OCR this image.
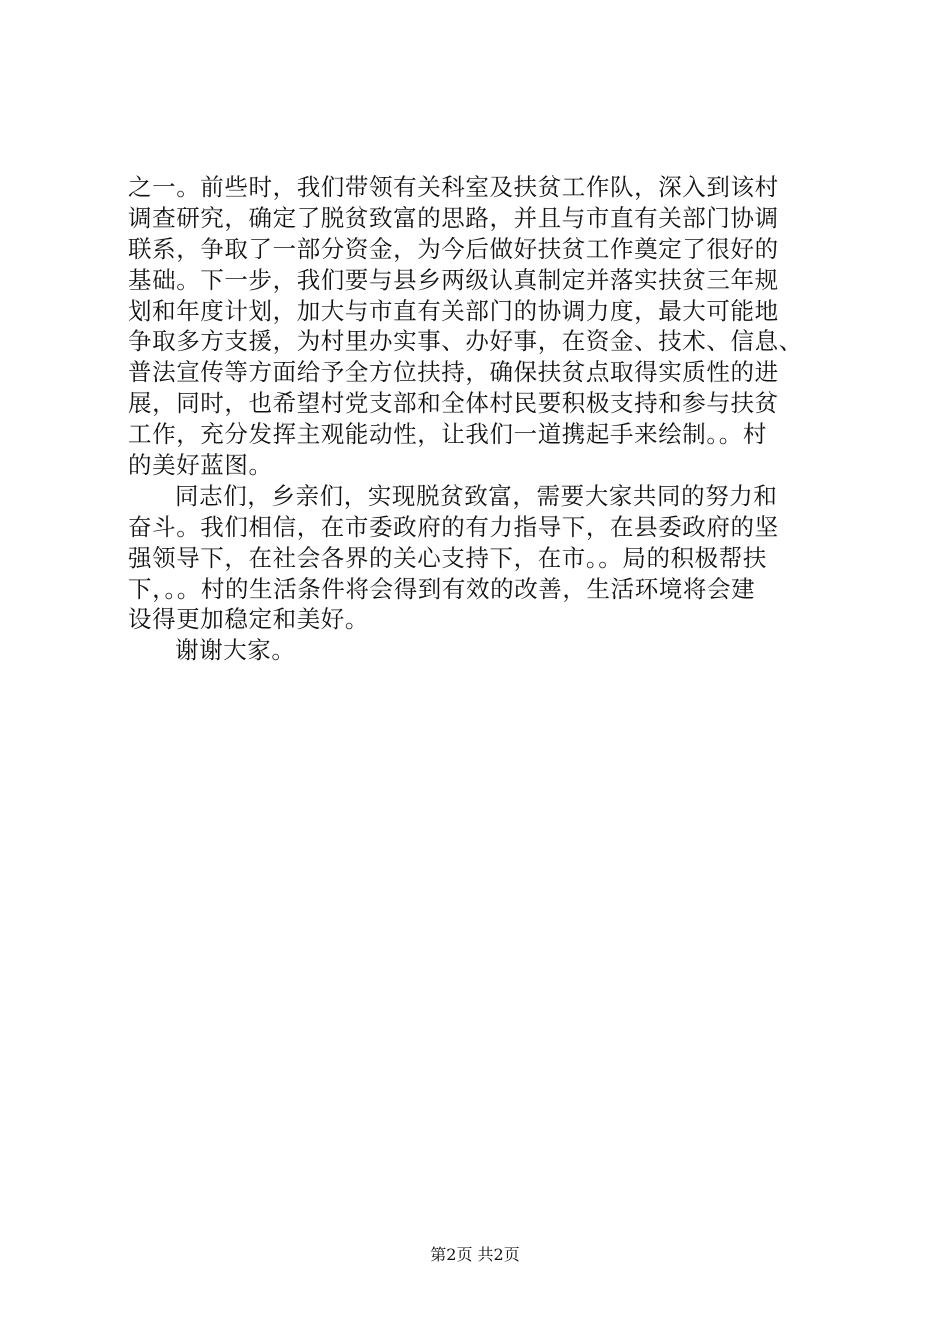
之一。前些时，我们带领有关科室及扶贫工作队，深入到该村
调查研究，确定了脱贫致富的思路，并且与市直有关部门协调
联系，争取了一部分资金，为今后做好扶贫工作奠定了很好的
基础。下一步，我们要与县乡两级认真制定并落实扶贫三年规
划和年度计划，加大与市直有关部门的协调力度，最大可能地
争取多方支援，为村里办实事、办好事，在资金、技术、信息、
普法宣传等方面给予全方位扶持，确保扶贫点取得实质性的进
展，同时，也希望村党支部和全体村民要积极支持和参与扶贫
工作，充分发挥主观能动性，让我们一道携起手来绘制。。村
的美好蓝图。
同志们，乡亲们，实现脱贫致富，需要大家共同的努力和
奋斗。我们相信，在市委政府的有力指导下，在县委政府的坚
强领导下，在社会各界的关心支持下，在市。。局的积极帮扶
下，。。村的生活条件将会得到有效的改善，生活环境将会建
设得更加稳定和美好。
谢谢大家。
第2页 共2页
